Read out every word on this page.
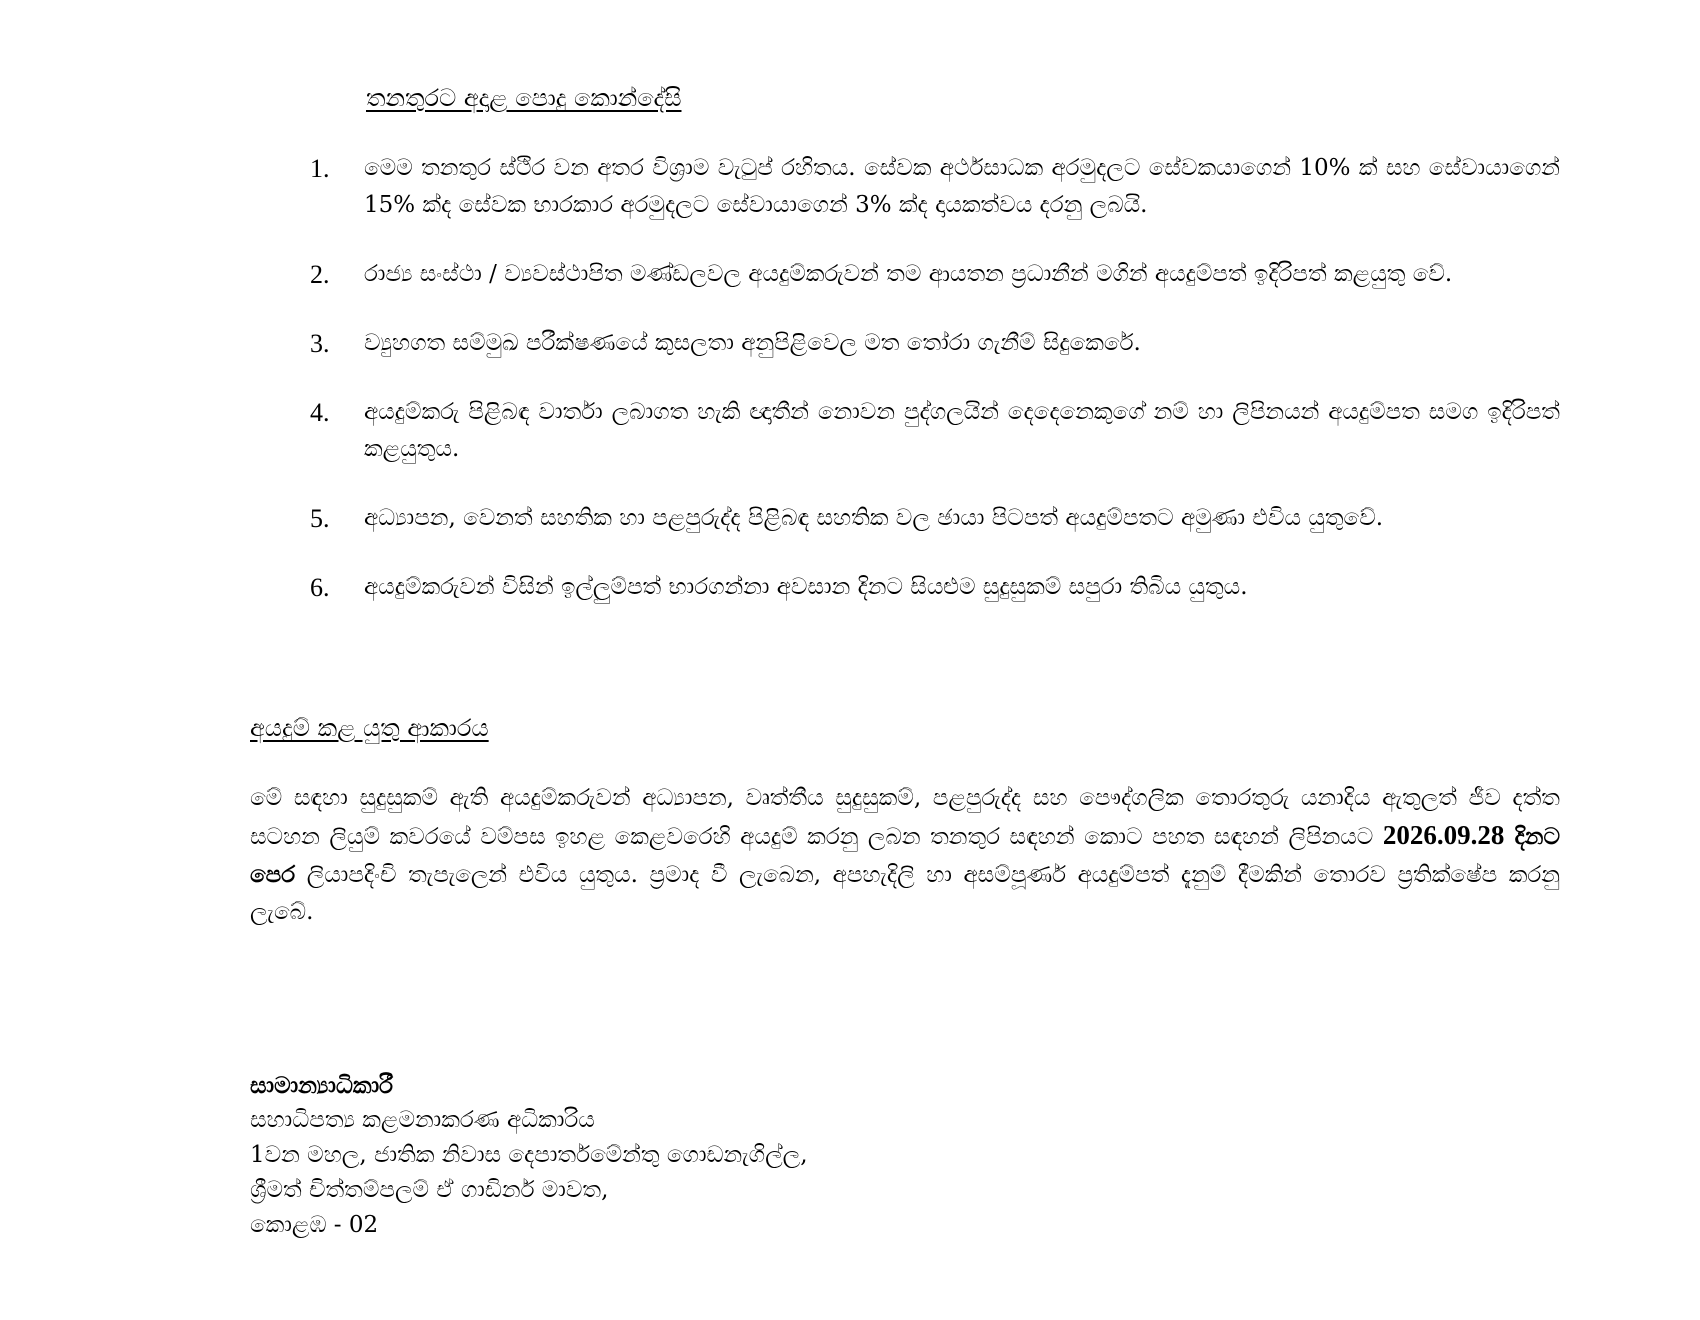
තනතුරට අදාළ පොදු කොන්දේසි
1. මෙම තනතුර ස්ථිර වන අතර විශ්‍රාම වැටුප් රහිතය. සේවක අර්ථසාධක අරමුදලට සේවකයාගෙන් 10% ක් සහ සේවායාගෙන් 15% ක්ද සේවක භාරකාර අරමුදලට සේවායාගෙන් 3% ක්ද දායකත්වය දරනු ලබයි.
2. රාජ්‍ය සංස්ථා / ව්‍යවස්ථාපිත මණ්ඩලවල අයදුම්කරුවන් තම ආයතන ප්‍රධානීන් මගින් අයදුම්පත් ඉදිරිපත් කළයුතු වේ.
3. ව්‍යුහගත සම්මුඛ පරීක්ෂණයේ කුසලතා අනුපිළිවෙල මත තෝරා ගැනීම් සිදුකෙරේ.
4. අයදුම්කරු පිළිබඳ වාර්තා ලබාගත හැකි ඥාතීන් නොවන පුද්ගලයින් දෙදෙනෙකුගේ නම් හා ලිපිනයන් අයදුම්පත සමග ඉදිරිපත් කළයුතුය.
5. අධ්‍යාපන, වෙනත් සහතික හා පළපුරුද්ද පිළිබඳ සහතික වල ඡායා පිටපත් අයදුම්පතට අමුණා එවිය යුතුවේ.
6. අයදුම්කරුවන් විසින් ඉල්ලුම්පත් භාරගන්නා අවසාන දිනට සියළුම සුදුසුකම් සපුරා තිබිය යුතුය.
අයදුම් කළ යුතු ආකාරය

මේ සඳහා සුදුසුකම් ඇති අයදුම්කරුවන් අධ්‍යාපන, වෘත්තීය සුදුසුකම්, පළපුරුද්ද සහ පෞද්ගලික තොරතුරු යනාදිය ඇතුලත් ජීව දත්ත සටහන ලියුම් කවරයේ වම්පස ඉහළ කෙළවරෙහි අයදුම් කරනු ලබන තනතුර සඳහන් කොට පහත සඳහන් ලිපිනයට 2026.09.28 දිනට පෙර ලියාපදිංචි තැපැලෙන් එවිය යුතුය. ප්‍රමාද වී ලැබෙන, අපහැදිලි හා අසම්පූර්ණ අයදුම්පත් දැනුම් දීමකින් තොරව ප්‍රතික්ෂේප කරනු ලැබේ.

සාමාන්‍යාධිකාරී
සහාධිපත්‍ය කළමනාකරණ අධිකාරිය
1වන මහල, ජාතික නිවාස දෙපාර්තමේන්තු ගොඩනැගිල්ල,
ශ්‍රීමත් චිත්තම්පලම් ඒ ගාඩිනර් මාවත,
කොළඹ - 02
